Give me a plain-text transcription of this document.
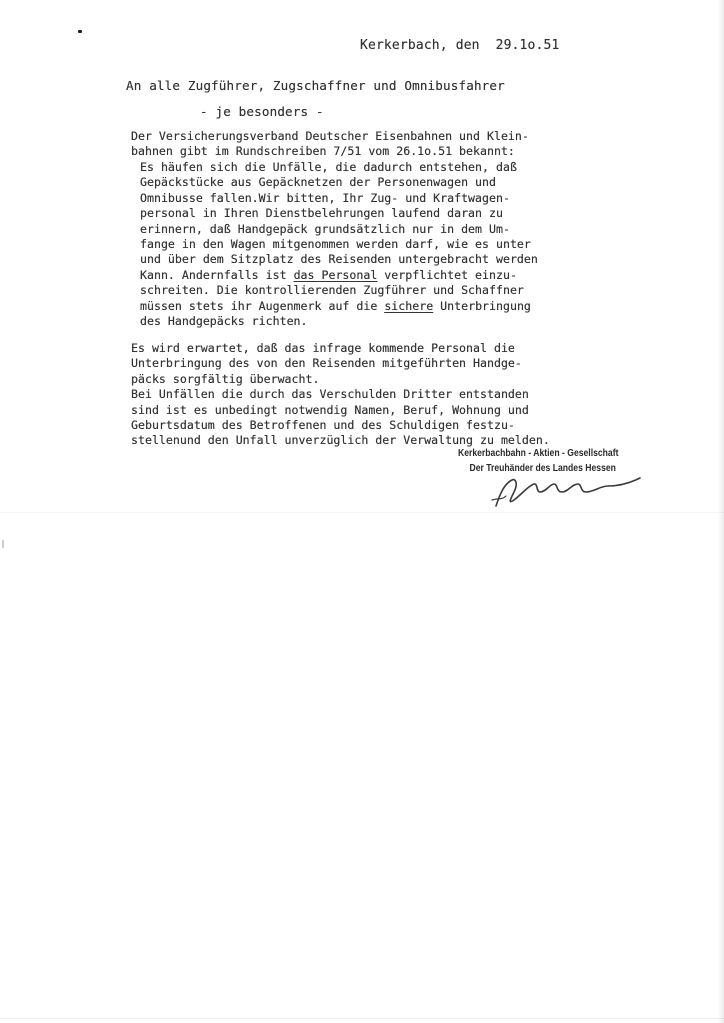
Kerkerbach, den  29.1o.51
An alle Zugführer, Zugschaffner und Omnibusfahrer
- je besonders -
Der Versicherungsverband Deutscher Eisenbahnen und Klein-
bahnen gibt im Rundschreiben 7/51 vom 26.1o.51 bekannt:
Es häufen sich die Unfälle, die dadurch entstehen, daß
Gepäckstücke aus Gepäcknetzen der Personenwagen und
Omnibusse fallen.Wir bitten, Ihr Zug- und Kraftwagen-
personal in Ihren Dienstbelehrungen laufend daran zu
erinnern, daß Handgepäck grundsätzlich nur in dem Um-
fange in den Wagen mitgenommen werden darf, wie es unter
und über dem Sitzplatz des Reisenden untergebracht werden
Kann. Andernfalls ist das Personal verpflichtet einzu-
schreiten. Die kontrollierenden Zugführer und Schaffner
müssen stets ihr Augenmerk auf die sichere Unterbringung
des Handgepäcks richten.
Es wird erwartet, daß das infrage kommende Personal die
Unterbringung des von den Reisenden mitgeführten Handge-
päcks sorgfältig überwacht.
Bei Unfällen die durch das Verschulden Dritter entstanden
sind ist es unbedingt notwendig Namen, Beruf, Wohnung und
Geburtsdatum des Betroffenen und des Schuldigen festzu-
stellenund den Unfall unverzüglich der Verwaltung zu melden.
Kerkerbachbahn - Aktien - Gesellschaft
Der Treuhänder des Landes Hessen
